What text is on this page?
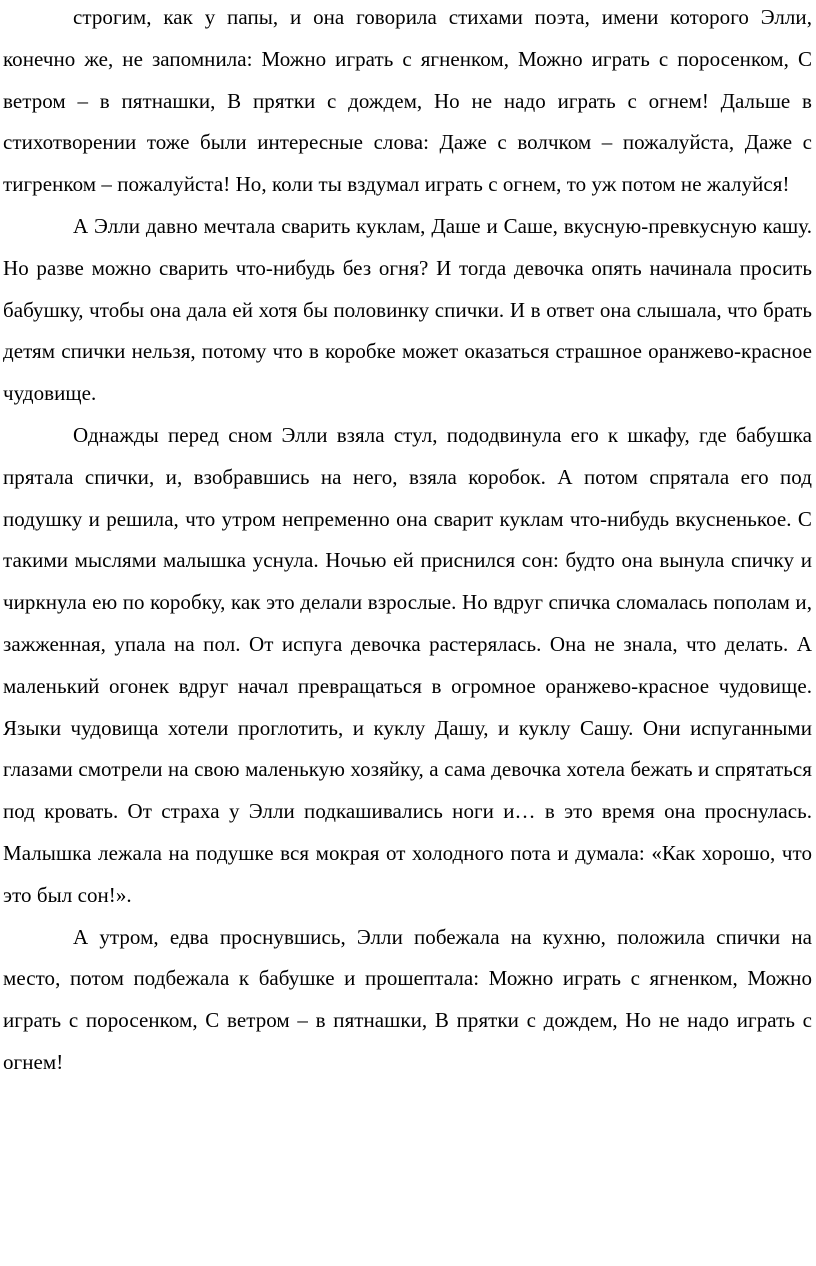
строгим, как у папы, и она говорила стихами поэта, имени которого Элли, конечно же, не запомнила: Можно играть с ягненком, Можно играть с поросенком, С ветром – в пятнашки, В прятки с дождем, Но не надо играть с огнем! Дальше в стихотворении тоже были интересные слова: Даже с волчком – пожалуйста, Даже с тигренком – пожалуйста! Но, коли ты вздумал играть с огнем, то уж потом не жалуйся!

А Элли давно мечтала сварить куклам, Даше и Саше, вкусную-превкусную кашу. Но разве можно сварить что-нибудь без огня? И тогда девочка опять начинала просить бабушку, чтобы она дала ей хотя бы половинку спички. И в ответ она слышала, что брать детям спички нельзя, потому что в коробке может оказаться страшное оранжево-красное чудовище.

Однажды перед сном Элли взяла стул, пододвинула его к шкафу, где бабушка прятала спички, и, взобравшись на него, взяла коробок. А потом спрятала его под подушку и решила, что утром непременно она сварит куклам что-нибудь вкусненькое. С такими мыслями малышка уснула. Ночью ей приснился сон: будто она вынула спичку и чиркнула ею по коробку, как это делали взрослые. Но вдруг спичка сломалась пополам и, зажженная, упала на пол. От испуга девочка растерялась. Она не знала, что делать. А маленький огонек вдруг начал превращаться в огромное оранжево-красное чудовище. Языки чудовища хотели проглотить, и куклу Дашу, и куклу Сашу. Они испуганными глазами смотрели на свою маленькую хозяйку, а сама девочка хотела бежать и спрятаться под кровать. От страха у Элли подкашивались ноги и… в это время она проснулась. Малышка лежала на подушке вся мокрая от холодного пота и думала: «Как хорошо, что это был сон!».

А утром, едва проснувшись, Элли побежала на кухню, положила спички на место, потом подбежала к бабушке и прошептала: Можно играть с ягненком, Можно играть с поросенком, С ветром – в пятнашки, В прятки с дождем, Но не надо играть с огнем!
